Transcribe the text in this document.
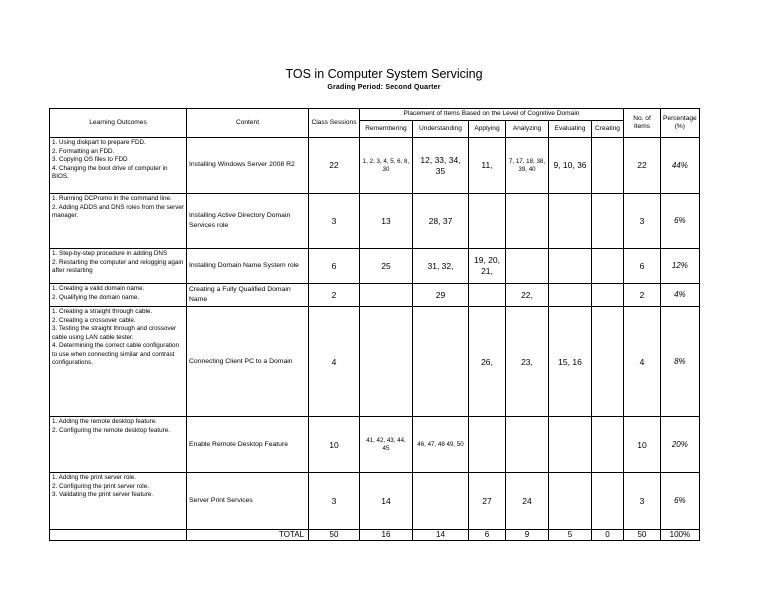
TOS in Computer System Servicing
Grading Period: Second Quarter
Learning Outcomes	Content	Class Sessions	Placement of Items Based on the Level of Cognitive Domain						No. of Items	Percentage (%)
			Remembering	Understanding	Applying	Analyzing	Evaluating	Creating		

1. Using diskpart to prepare FDD.
2. Formatting an FDD.
3. Copying OS files to FDD
4. Changing the boot drive of computer in BIOS.	Installing Windows Server 2008 R2	22	1, 2, 3, 4, 5, 6, 8, 30	12, 33, 34, 35	11,	7, 17, 18, 38, 39, 40	9, 10, 36		22	44%

1. Running DCPromo in the command line.
2. Adding ADDS and DNS roles from the server manager.	Installing Active Directory Domain Services role	3	13	28, 37					3	6%

1. Step-by-step procedure in adding DNS
2. Restarting the computer and relogging again after restarting	Installing Domain Name System role	6	25	31, 32,	19, 20, 21,				6	12%

1. Creating a valid domain name.
2. Qualifying the domain name.	Creating a Fully Qualified Domain Name	2		29		22,			2	4%

1. Creating a straight through cable.
2. Creating a crossover cable.
3. Testing the straight through and crossover cable using LAN cable tester.
4. Determining the correct cable configuration to use when connecting similar and contrast configurations.	Connecting Client PC to a Domain	4			26,	23,	15, 16		4	8%

1. Adding the remote desktop feature.
2. Configuring the remote desktop feature.	Enable Remote Desktop Feature	10	41, 42, 43, 44, 45	46, 47, 48 49, 50					10	20%

1. Adding the print server role.
2. Configuring the print server role.
3. Validating the print server feature.	Server Print Services	3	14		27	24			3	6%
	TOTAL	50	16	14	6	9	5	0	50	100%
